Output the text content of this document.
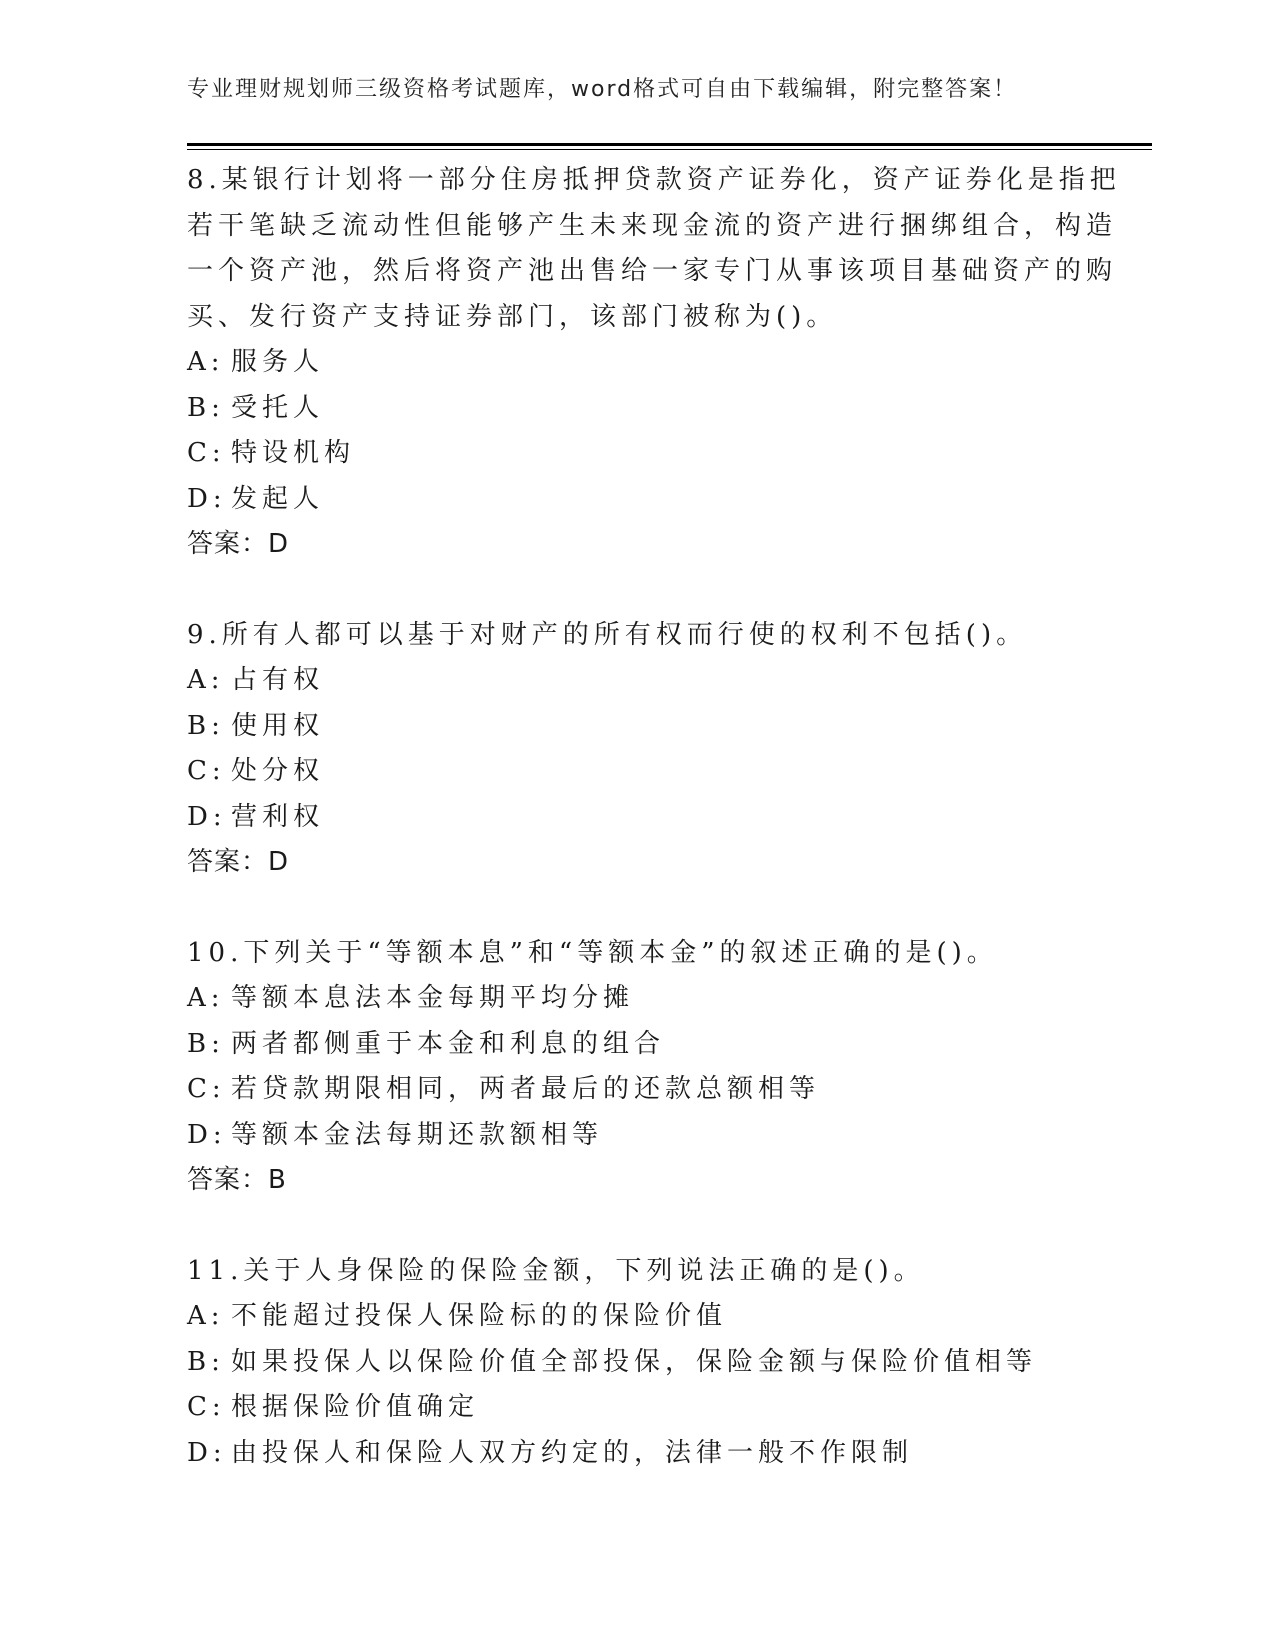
专业理财规划师三级资格考试题库，word格式可自由下载编辑，附完整答案！

8.某银行计划将一部分住房抵押贷款资产证券化，资产证券化是指把

若干笔缺乏流动性但能够产生未来现金流的资产进行捆绑组合，构造

一个资产池，然后将资产池出售给一家专门从事该项目基础资产的购

买、发行资产支持证券部门，该部门被称为()。

A: 服务人
B: 受托人
C: 特设机构
D: 发起人
答案：D

9.所有人都可以基于对财产的所有权而行使的权利不包括()。

A: 占有权
B: 使用权
C: 处分权
D: 营利权
答案：D

10.下列关于“等额本息”和“等额本金”的叙述正确的是()。

A: 等额本息法本金每期平均分摊
B: 两者都侧重于本金和利息的组合
C: 若贷款期限相同，两者最后的还款总额相等
D: 等额本金法每期还款额相等
答案：B

11.关于人身保险的保险金额，下列说法正确的是()。

A: 不能超过投保人保险标的的保险价值
B: 如果投保人以保险价值全部投保，保险金额与保险价值相等
C: 根据保险价值确定
D: 由投保人和保险人双方约定的，法律一般不作限制
